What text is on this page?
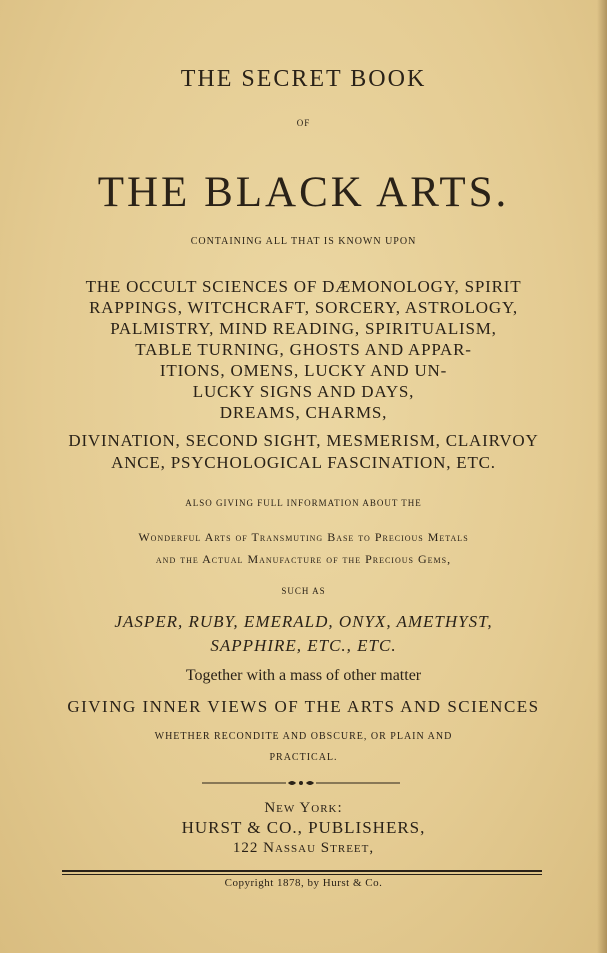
THE SECRET BOOK
OF
THE BLACK ARTS.
CONTAINING ALL THAT IS KNOWN UPON
THE OCCULT SCIENCES OF DÆMONOLOGY, SPIRIT
RAPPINGS, WITCHCRAFT, SORCERY, ASTROLOGY,
PALMISTRY, MIND READING, SPIRITUALISM,
TABLE TURNING, GHOSTS AND APPAR-
ITIONS, OMENS, LUCKY AND UN-
LUCKY SIGNS AND DAYS,
DREAMS, CHARMS,
DIVINATION, SECOND SIGHT, MESMERISM, CLAIRVOY
ANCE, PSYCHOLOGICAL FASCINATION, ETC.
ALSO GIVING FULL INFORMATION ABOUT THE
Wonderful Arts of Transmuting Base to Precious Metals
and the Actual Manufacture of the Precious Gems,
SUCH AS
JASPER, RUBY, EMERALD, ONYX, AMETHYST,
SAPPHIRE, ETC., ETC.
Together with a mass of other matter
GIVING INNER VIEWS OF THE ARTS AND SCIENCES
WHETHER RECONDITE AND OBSCURE, OR PLAIN AND
PRACTICAL.
New York:
HURST & CO., PUBLISHERS,
122 Nassau Street,
Copyright 1878, by Hurst & Co.
